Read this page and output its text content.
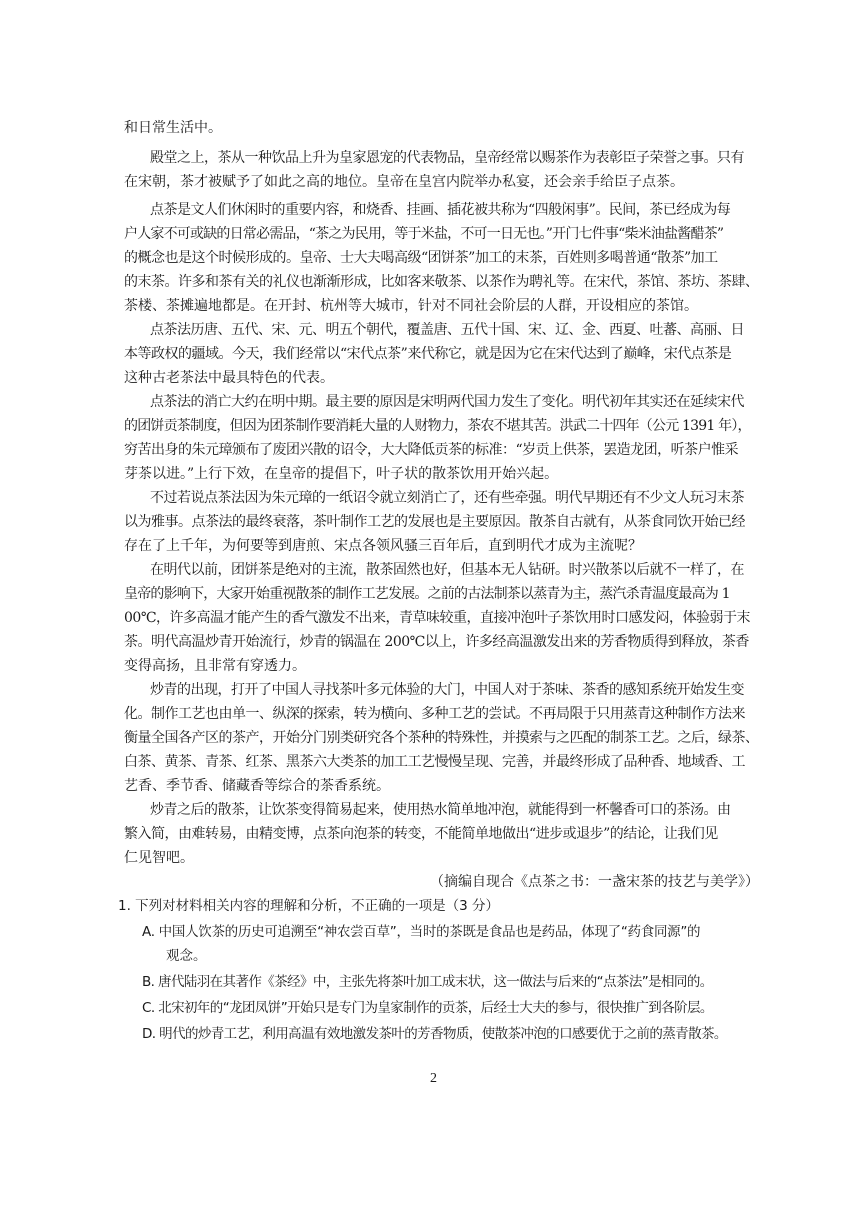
和日常生活中。
殿堂之上，茶从一种饮品上升为皇家恩宠的代表物品，皇帝经常以赐茶作为表彰臣子荣誉之事。只有
在宋朝，茶才被赋予了如此之高的地位。皇帝在皇宫内院举办私宴，还会亲手给臣子点茶。
点茶是文人们休闲时的重要内容，和烧香、挂画、插花被共称为“四般闲事”。民间，茶已经成为每
户人家不可或缺的日常必需品，“茶之为民用，等于米盐，不可一日无也。”开门七件事“柴米油盐酱醋茶”
的概念也是这个时候形成的。皇帝、士大夫喝高级“团饼茶”加工的末茶，百姓则多喝普通“散茶”加工
的末茶。许多和茶有关的礼仪也渐渐形成，比如客来敬茶、以茶作为聘礼等。在宋代，茶馆、茶坊、茶肆、
茶楼、茶摊遍地都是。在开封、杭州等大城市，针对不同社会阶层的人群，开设相应的茶馆。
点茶法历唐、五代、宋、元、明五个朝代，覆盖唐、五代十国、宋、辽、金、西夏、吐蕃、高丽、日
本等政权的疆域。今天，我们经常以“宋代点茶”来代称它，就是因为它在宋代达到了巅峰，宋代点茶是
这种古老茶法中最具特色的代表。
点茶法的消亡大约在明中期。最主要的原因是宋明两代国力发生了变化。明代初年其实还在延续宋代
的团饼贡茶制度，但因为团茶制作要消耗大量的人财物力，茶农不堪其苦。洪武二十四年（公元 1391 年），
穷苦出身的朱元璋颁布了废团兴散的诏令，大大降低贡茶的标准：“岁贡上供茶，罢造龙团，听茶户惟采
芽茶以进。”上行下效，在皇帝的提倡下，叶子状的散茶饮用开始兴起。
不过若说点茶法因为朱元璋的一纸诏令就立刻消亡了，还有些牵强。明代早期还有不少文人玩习末茶
以为雅事。点茶法的最终衰落，茶叶制作工艺的发展也是主要原因。散茶自古就有，从茶食同饮开始已经
存在了上千年，为何要等到唐煎、宋点各领风骚三百年后，直到明代才成为主流呢？
在明代以前，团饼茶是绝对的主流，散茶固然也好，但基本无人钻研。时兴散茶以后就不一样了，在
皇帝的影响下，大家开始重视散茶的制作工艺发展。之前的古法制茶以蒸青为主，蒸汽杀青温度最高为 1
00℃，许多高温才能产生的香气激发不出来，青草味较重，直接冲泡叶子茶饮用时口感发闷，体验弱于末
茶。明代高温炒青开始流行，炒青的锅温在 200℃以上，许多经高温激发出来的芳香物质得到释放，茶香
变得高扬，且非常有穿透力。
炒青的出现，打开了中国人寻找茶叶多元体验的大门，中国人对于茶味、茶香的感知系统开始发生变
化。制作工艺也由单一、纵深的探索，转为横向、多种工艺的尝试。不再局限于只用蒸青这种制作方法来
衡量全国各产区的茶产，开始分门别类研究各个茶种的特殊性，并摸索与之匹配的制茶工艺。之后，绿茶、
白茶、黄茶、青茶、红茶、黑茶六大类茶的加工工艺慢慢呈现、完善，并最终形成了品种香、地域香、工
艺香、季节香、储藏香等综合的茶香系统。
炒青之后的散茶，让饮茶变得简易起来，使用热水简单地冲泡，就能得到一杯馨香可口的茶汤。由
繁入简，由难转易，由精变博，点茶向泡茶的转变，不能简单地做出“进步或退步”的结论，让我们见
仁见智吧。
（摘编自现合《点茶之书：一盏宋茶的技艺与美学》）
1. 下列对材料相关内容的理解和分析，不正确的一项是（3 分）
A. 中国人饮茶的历史可追溯至“神农尝百草”，当时的茶既是食品也是药品，体现了“药食同源”的
观念。
B. 唐代陆羽在其著作《茶经》中，主张先将茶叶加工成末状，这一做法与后来的“点茶法”是相同的。
C. 北宋初年的“龙团凤饼”开始只是专门为皇家制作的贡茶，后经士大夫的参与，很快推广到各阶层。
D. 明代的炒青工艺，利用高温有效地激发茶叶的芳香物质，使散茶冲泡的口感要优于之前的蒸青散茶。
2
